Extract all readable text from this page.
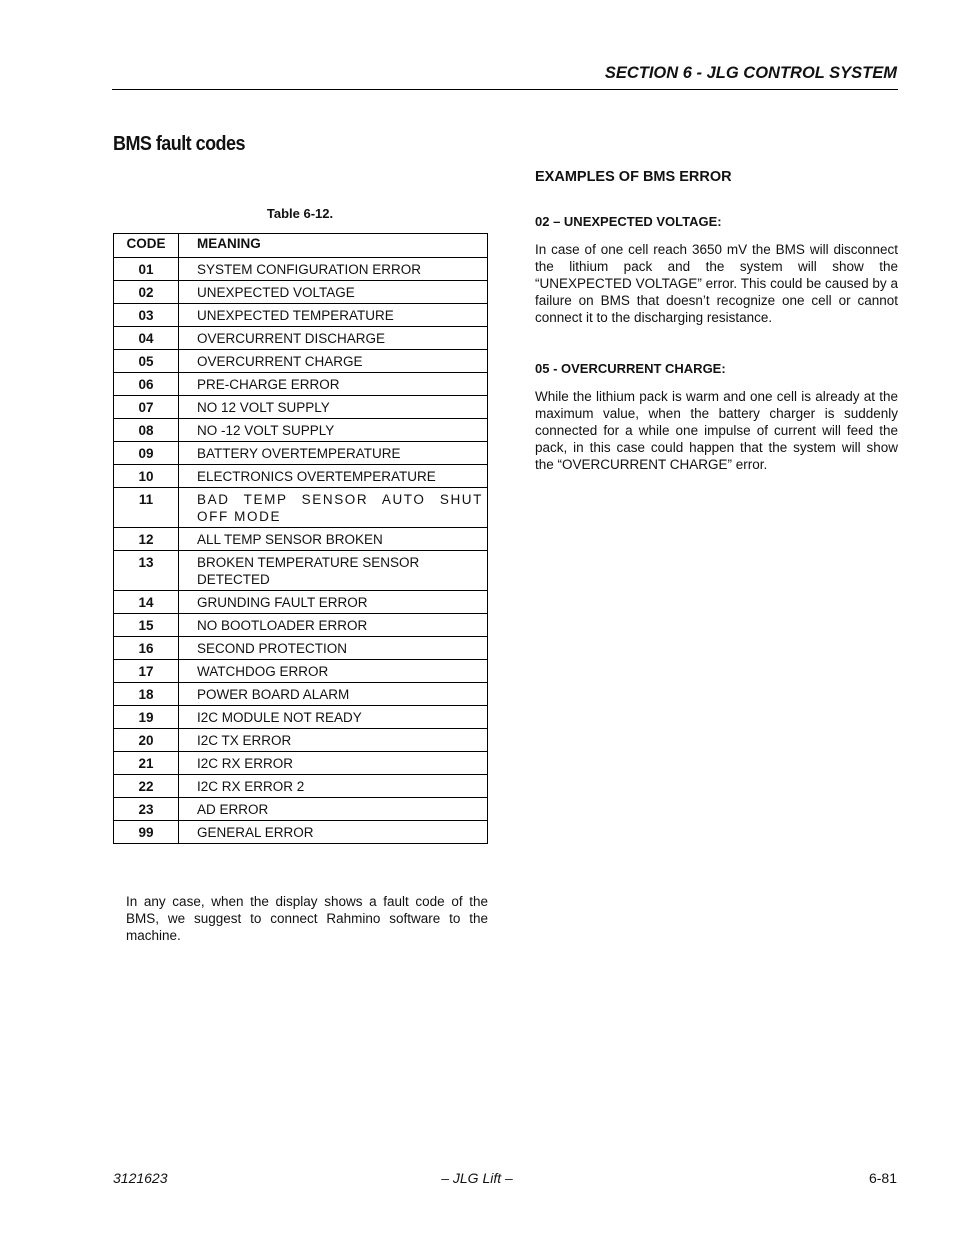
SECTION 6 - JLG CONTROL SYSTEM
BMS fault codes
Table 6-12.
CODE	MEANING
01	SYSTEM CONFIGURATION ERROR
02	UNEXPECTED VOLTAGE
03	UNEXPECTED TEMPERATURE
04	OVERCURRENT DISCHARGE
05	OVERCURRENT CHARGE
06	PRE-CHARGE ERROR
07	NO 12 VOLT SUPPLY
08	NO -12 VOLT SUPPLY
09	BATTERY OVERTEMPERATURE
10	ELECTRONICS OVERTEMPERATURE
11	BAD TEMP SENSOR AUTO SHUT OFF MODE
12	ALL TEMP SENSOR BROKEN
13	BROKEN TEMPERATURE SENSOR DETECTED
14	GRUNDING FAULT ERROR
15	NO BOOTLOADER ERROR
16	SECOND PROTECTION
17	WATCHDOG ERROR
18	POWER BOARD ALARM
19	I2C MODULE NOT READY
20	I2C TX ERROR
21	I2C RX ERROR
22	I2C RX ERROR 2
23	AD ERROR
99	GENERAL ERROR
In any case, when the display shows a fault code of the BMS, we suggest to connect Rahmino software to the machine.
EXAMPLES OF BMS ERROR
02 – UNEXPECTED VOLTAGE:
In case of one cell reach 3650 mV the BMS will disconnect the lithium pack and the system will show the “UNEXPECTED VOLTAGE” error. This could be caused by a failure on BMS that doesn’t recognize one cell or cannot connect it to the discharging resistance.
05 - OVERCURRENT CHARGE:
While the lithium pack is warm and one cell is already at the maximum value, when the battery charger is suddenly connected for a while one impulse of current will feed the pack, in this case could happen that the system will show the “OVERCURRENT CHARGE” error.
3121623	– JLG Lift –	6-81
